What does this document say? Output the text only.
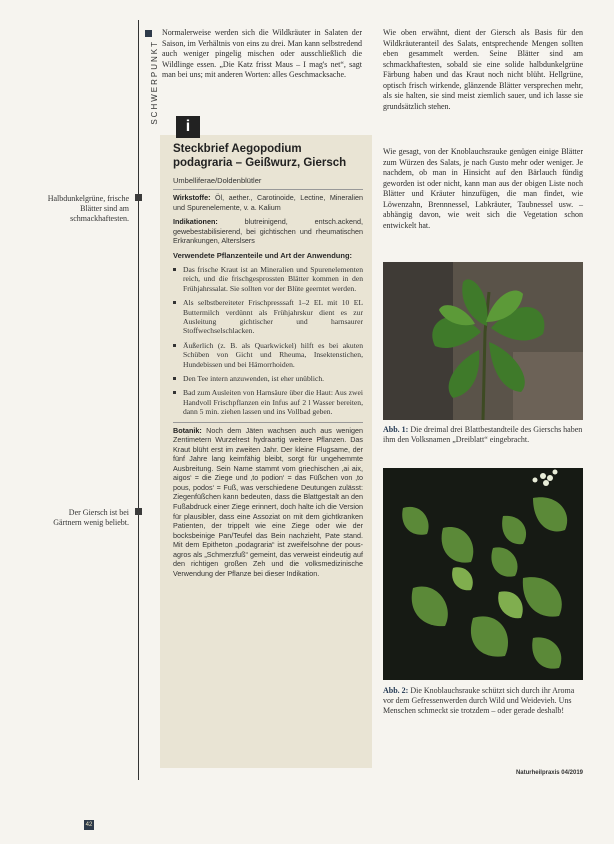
SCHWERPUNKT
Halbdunkelgrüne, frische Blätter sind am schmackhaftesten.
Der Giersch ist bei Gärtnern wenig beliebt.
Normalerweise werden sich die Wildkräuter in Salaten der Saison, im Verhältnis von eins zu drei. Man kann selbstredend auch weniger pingelig mischen oder ausschließlich die Wildlinge essen. „Die Katz frisst Maus – I mag's net“, sagt man bei uns; mit anderen Worten: alles Geschmacksache.
Steckbrief Aegopodium podagraria – Geißwurz, Giersch
Umbelliferae/Doldenblütler

Wirkstoffe: Öl, aether., Carotinoide, Lectine, Mineralien und Spurenelemente, v. a. Kalium

Indikationen:	blutreinigend, entsch.ackend, gewebestabilisierend, bei gichtischen und rheumatischen Erkrankungen, Alterslsers

Verwendete Pflanzenteile und Art der Anwendung:
Das frische Kraut ist an Mineralien und Spurenelementen reich, und die frischgesprossten Blätter kommen in den Frühjahrssalat. Sie sollten vor der Blüte geerntet werden.
Als selbstbereiteter Frischpresssaft 1–2 EL mit 10 EL Buttermilch verdünnt als Frühjahrskur dient es zur Ausleitung gichtischer und harnsaurer Stoffwechselschlacken.
Äußerlich (z. B. als Quarkwickel) hilft es bei akuten Schüben von Gicht und Rheuma, Insektenstichen, Hundebissen und bei Hämorrhoiden.
Den Tee intern anzuwenden, ist eher unüblich.
Bad zum Ausleiten von Harnsäure über die Haut: Aus zwei Handvoll Frischpflanzen ein Infus auf 2 l Wasser bereiten, dann 5 min. ziehen lassen und ins Vollbad geben.

Botanik: Noch dem Jäten wachsen auch aus wenigen Zentimetern Wurzelrest hydraartig weitere Pflanzen. Das Kraut blüht erst im zweiten Jahr. Der kleine Flugsame, der fünf Jahre lang keimfähig bleibt, sorgt für ungehemmte Ausbreitung. Sein Name stammt vom griechischen ‚ai aix, aigos‘ = die Ziege und ‚to podion‘ = das Füßchen von ‚to pous, podos‘ = Fuß, was verschiedene Deutungen zulässt: Ziegenfüßchen kann bedeuten, dass die Blattgestalt an den Fußabdruck einer Ziege erinnert, doch halte ich die Version für plausibler, dass eine Assoziat on mit dem gichtkranken Patienten, der trippelt wie eine Ziege oder wie der bocksbeinige Pan/Teufel das Bein nachzieht, Pate stand. Mit dem Epitheton „podagraria“ ist zweifelsohne der pous-agros als „Schmerzfuß“ gemeint, das verweist eindeutig auf den richtigen großen Zeh und die volksmedizinische Verwendung der Pflanze bei dieser Indikation.

i
Wie oben erwähnt, dient der Giersch als Basis für den Wildkräuteranteil des Salats, entsprechende Mengen sollten eben gesammelt werden. Seine Blätter sind am schmackhaftesten, sobald sie eine solide halbdunkelgrüne Färbung haben und das Kraut noch nicht blüht. Hellgrüne, optisch frisch wirkende, glänzende Blätter versprechen mehr, als sie halten, sie sind meist ziemlich sauer, und ich lasse sie grundsätzlich stehen.
Wie gesagt, von der Knoblauchsrauke genügen einige Blätter zum Würzen des Salats, je nach Gusto mehr oder weniger. Je nachdem, ob man in Hinsicht auf den Bärlauch fündig geworden ist oder nicht, kann man aus der obigen Liste noch Blätter und Kräuter hinzufügen, die man findet, wie Löwenzahn, Brennnessel, Labkräuter, Taubnessel usw. – abhängig davon, wie weit sich die Vegetation schon entwickelt hat.
Abb. 1: Die dreimal drei Blattbestandteile des Gierschs haben ihm den Volksnamen „Dreiblatt“ eingebracht.
Abb. 2: Die Knoblauchsrauke schützt sich durch ihr Aroma vor dem Gefressenwerden durch Wild und Weidevieh. Uns Menschen schmeckt sie trotzdem – oder gerade deshalb!
Naturheilpraxis 04/2019
42
